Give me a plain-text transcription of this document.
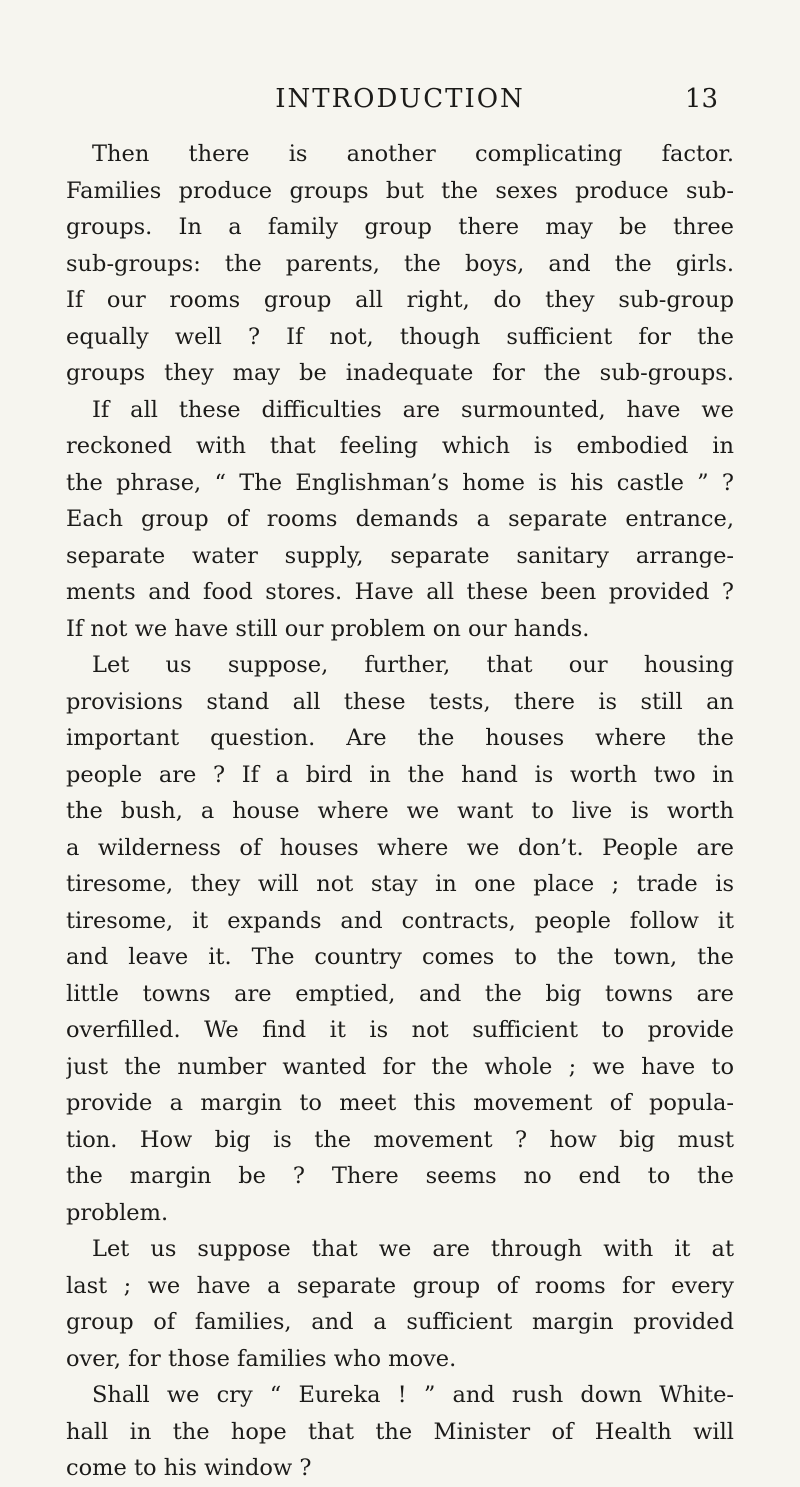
INTRODUCTION	13
Then there is another complicating factor.
Families produce groups but the sexes produce sub-
groups. In a family group there may be three
sub-groups: the parents, the boys, and the girls.
If our rooms group all right, do they sub-group
equally well ? If not, though sufficient for the
groups they may be inadequate for the sub-groups.
If all these difficulties are surmounted, have we
reckoned with that feeling which is embodied in
the phrase, “ The Englishman’s home is his castle ” ?
Each group of rooms demands a separate entrance,
separate water supply, separate sanitary arrange-
ments and food stores. Have all these been provided ?
If not we have still our problem on our hands.
Let us suppose, further, that our housing
provisions stand all these tests, there is still an
important question. Are the houses where the
people are ? If a bird in the hand is worth two in
the bush, a house where we want to live is worth
a wilderness of houses where we don’t. People are
tiresome, they will not stay in one place ; trade is
tiresome, it expands and contracts, people follow it
and leave it. The country comes to the town, the
little towns are emptied, and the big towns are
overfilled. We find it is not sufficient to provide
just the number wanted for the whole ; we have to
provide a margin to meet this movement of popula-
tion. How big is the movement ? how big must
the margin be ? There seems no end to the
problem.
Let us suppose that we are through with it at
last ; we have a separate group of rooms for every
group of families, and a sufficient margin provided
over, for those families who move.
Shall we cry “ Eureka ! ” and rush down White-
hall in the hope that the Minister of Health will
come to his window ?
